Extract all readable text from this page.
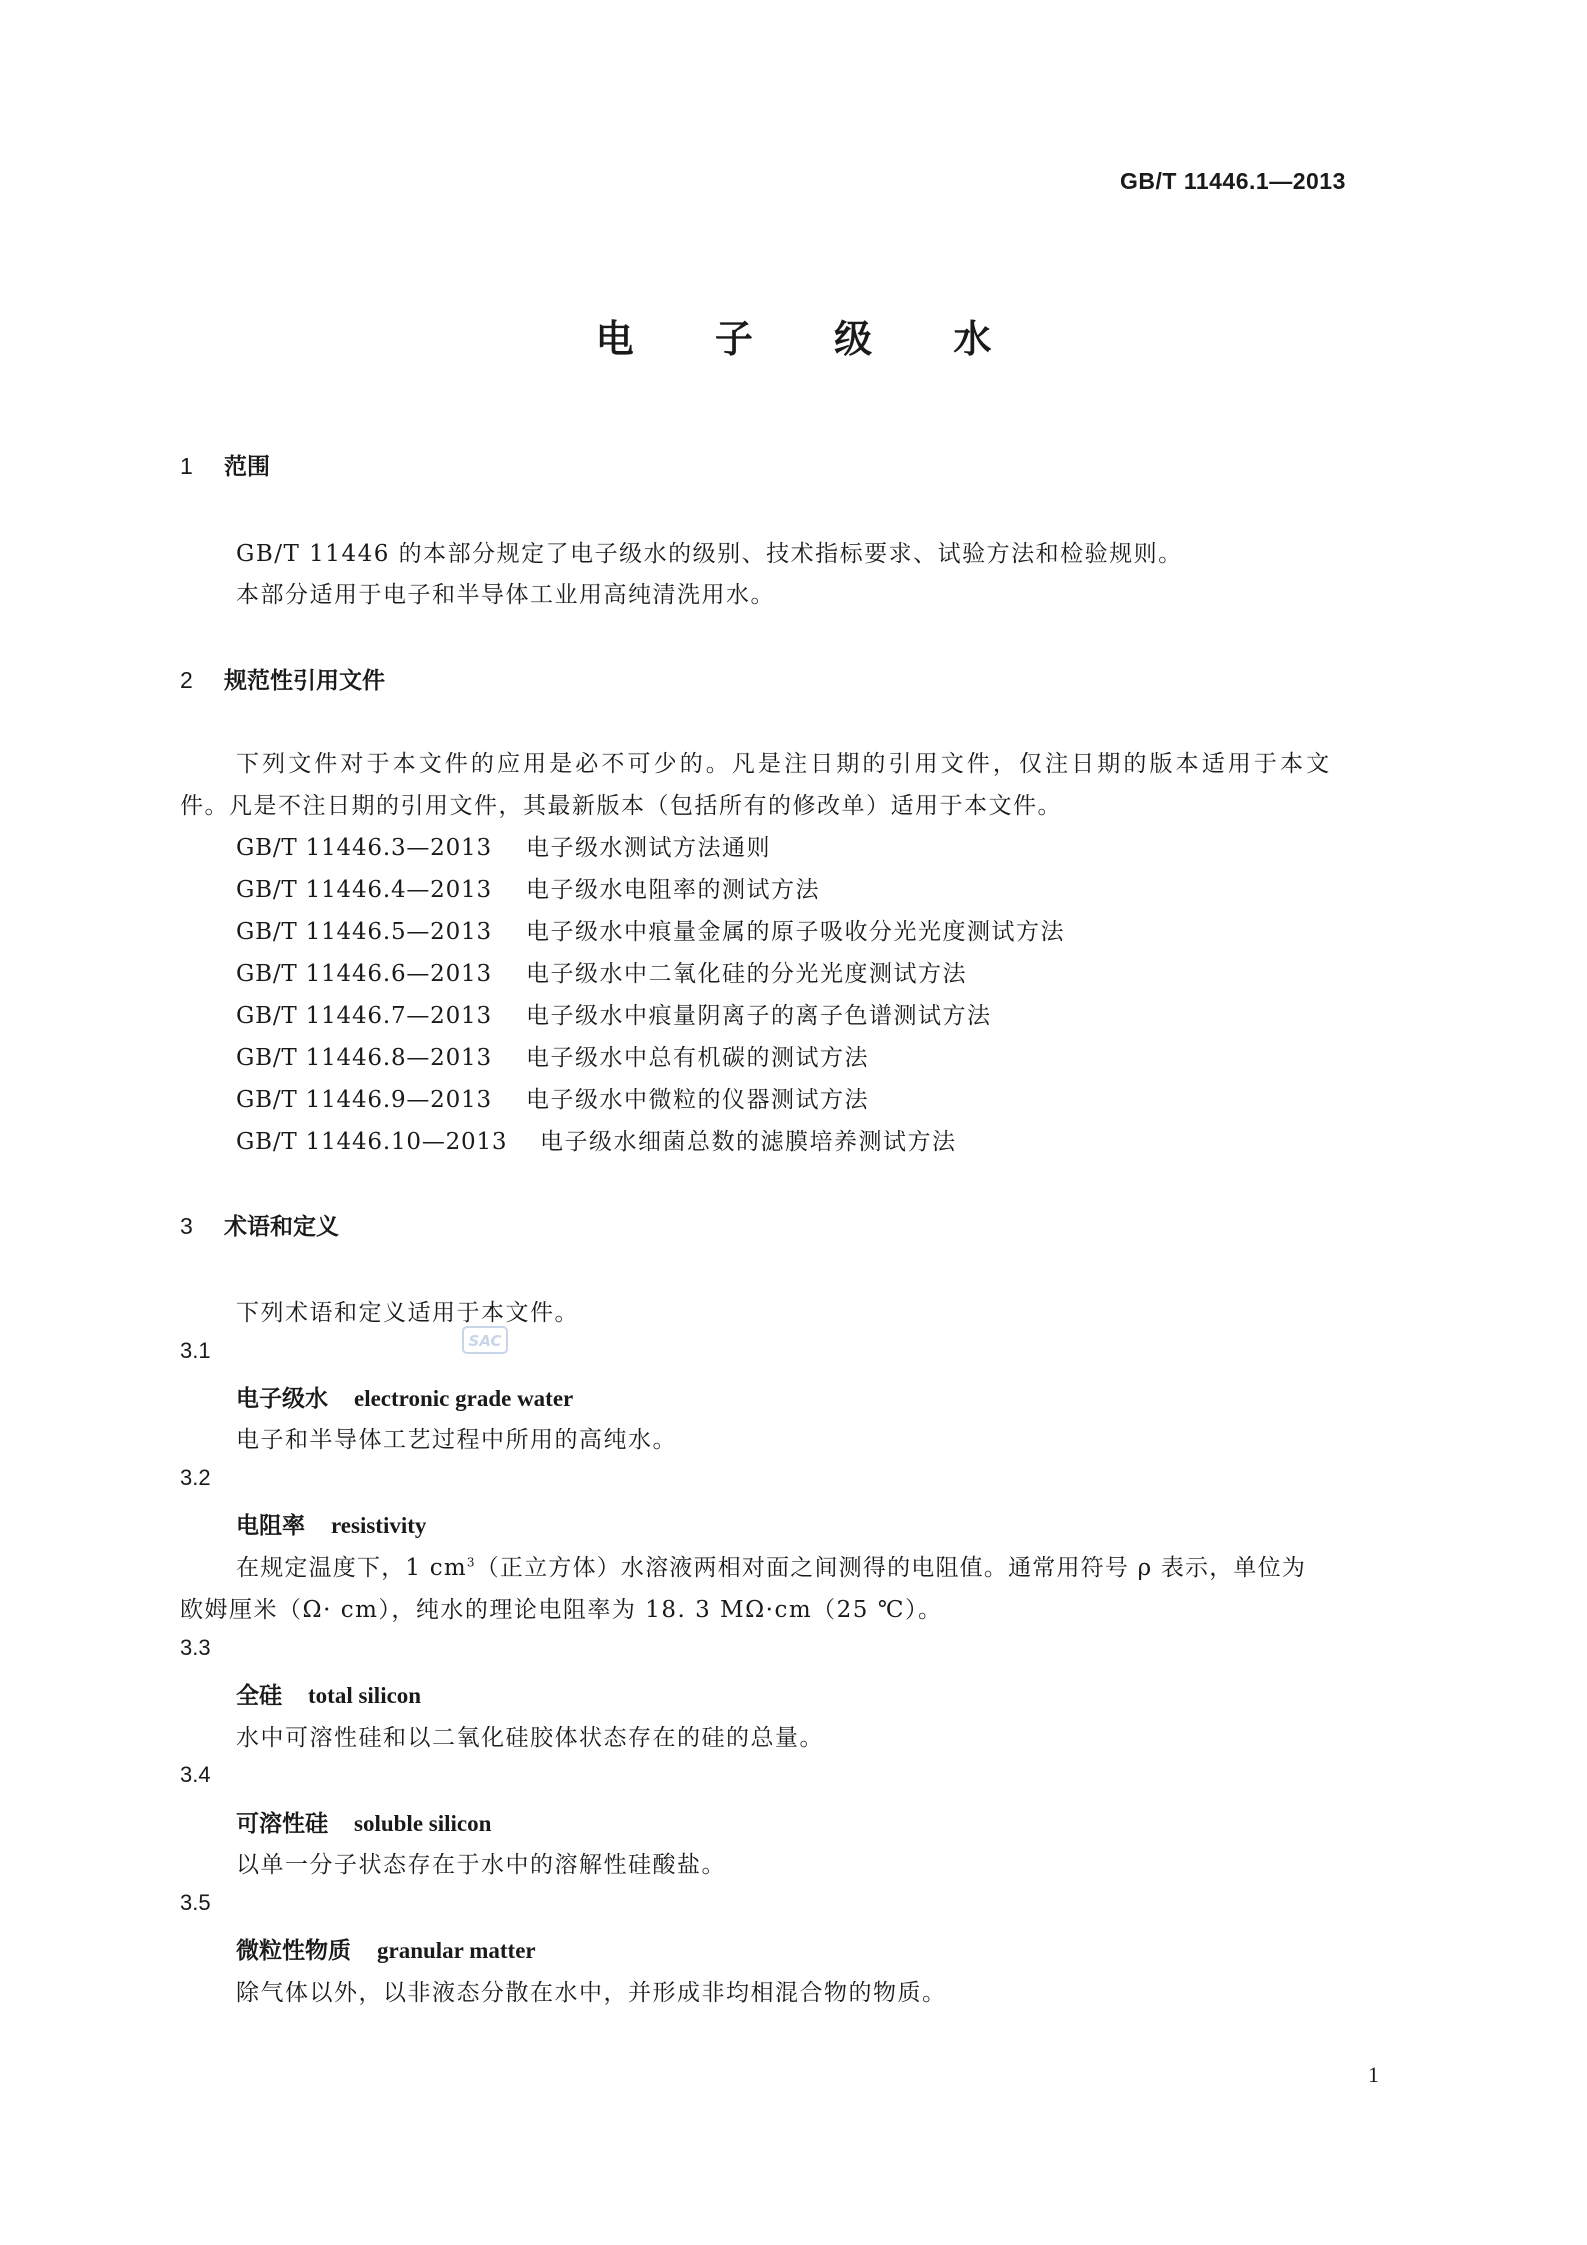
GB/T 11446.1—2013
电 子 级 水
1 范围
GB/T 11446 的本部分规定了电子级水的级别、技术指标要求、试验方法和检验规则。
本部分适用于电子和半导体工业用高纯清洗用水。
2 规范性引用文件
下列文件对于本文件的应用是必不可少的。凡是注日期的引用文件，仅注日期的版本适用于本文
件。凡是不注日期的引用文件，其最新版本（包括所有的修改单）适用于本文件。
GB/T 11446.3—2013 电子级水测试方法通则
GB/T 11446.4—2013 电子级水电阻率的测试方法
GB/T 11446.5—2013 电子级水中痕量金属的原子吸收分光光度测试方法
GB/T 11446.6—2013 电子级水中二氧化硅的分光光度测试方法
GB/T 11446.7—2013 电子级水中痕量阴离子的离子色谱测试方法
GB/T 11446.8—2013 电子级水中总有机碳的测试方法
GB/T 11446.9—2013 电子级水中微粒的仪器测试方法
GB/T 11446.10—2013 电子级水细菌总数的滤膜培养测试方法
3 术语和定义
下列术语和定义适用于本文件。
SAC
3.1
电子级水 electronic grade water
电子和半导体工艺过程中所用的高纯水。
3.2
电阻率 resistivity
在规定温度下，1 $cm^3$（正立方体）水溶液两相对面之间测得的电阻值。通常用符号 ρ 表示，单位为
欧姆厘米（Ω· cm），纯水的理论电阻率为 18. 3 MΩ·cm（25 ℃）。
3.3
全硅 total silicon
水中可溶性硅和以二氧化硅胶体状态存在的硅的总量。
3.4
可溶性硅 soluble silicon
以单一分子状态存在于水中的溶解性硅酸盐。
3.5
微粒性物质 granular matter
除气体以外，以非液态分散在水中，并形成非均相混合物的物质。
1
